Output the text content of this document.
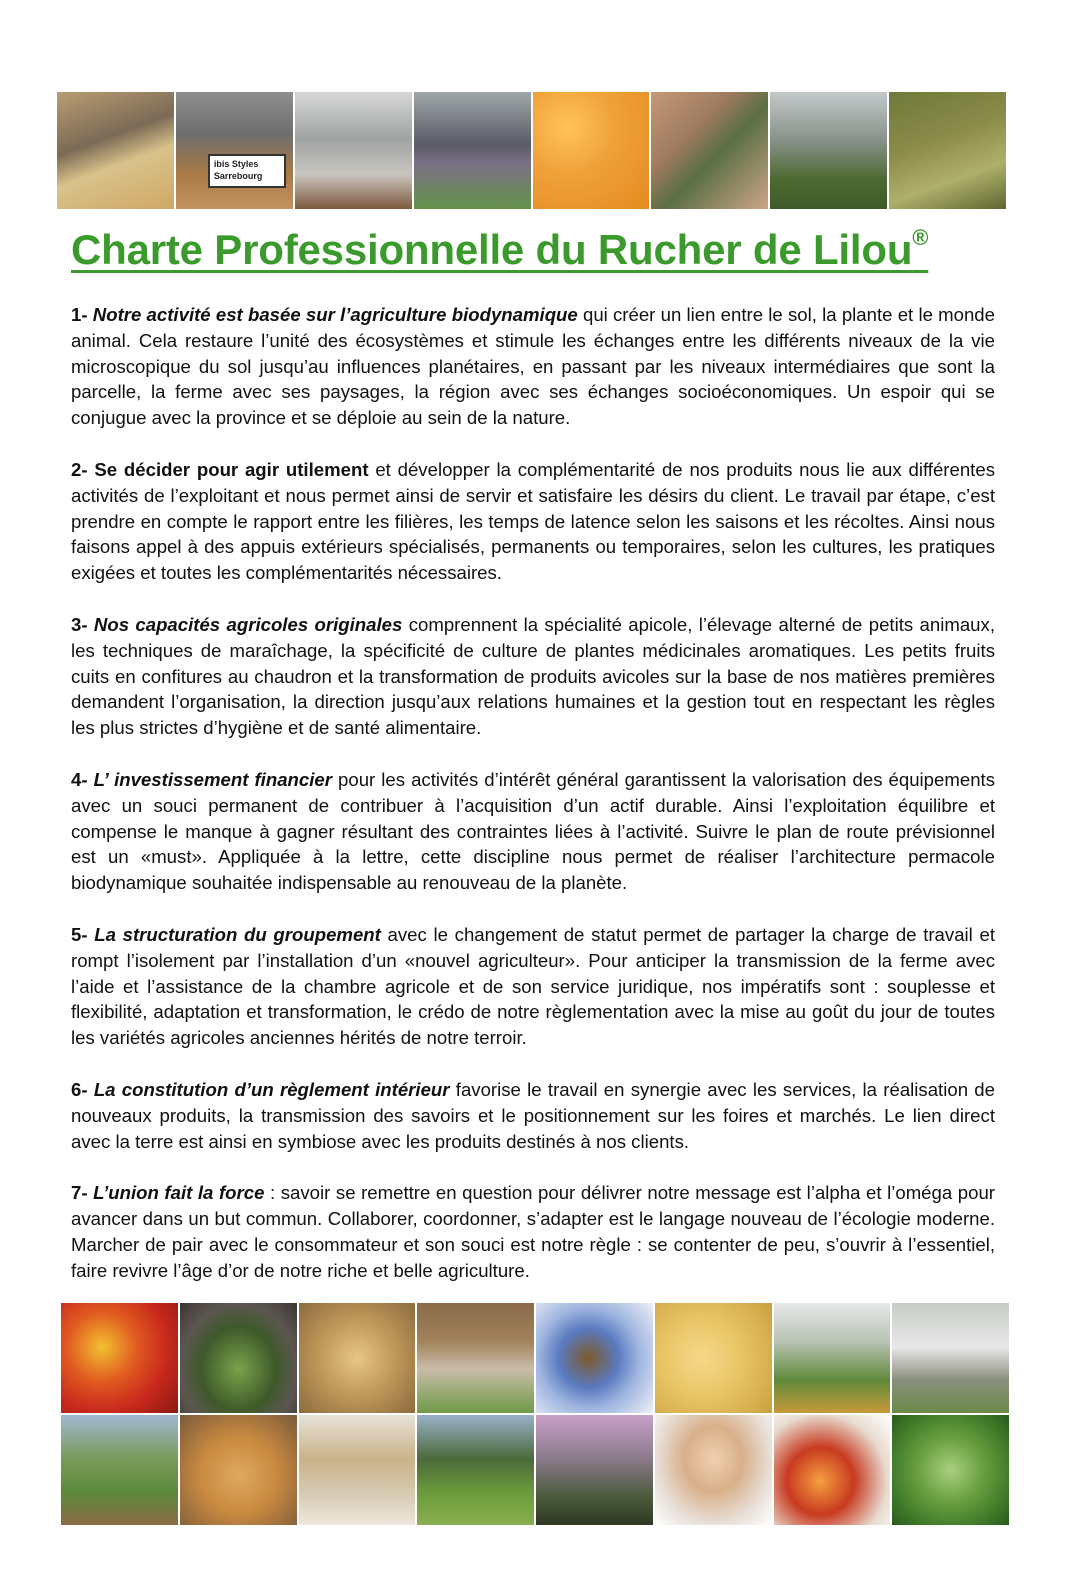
ibis Styles Sarrebourg
Charte Professionnelle du Rucher de Lilou®

1- Notre activité est basée sur l’agriculture biodynamique qui créer un lien entre le sol, la plante et le monde animal. Cela restaure l’unité des écosystèmes et stimule les échanges entre les différents niveaux de la vie microscopique du sol jusqu’au influences planétaires, en passant par les niveaux intermédiaires que sont la parcelle, la ferme avec ses paysages, la région avec ses échanges socioéconomiques. Un espoir qui se conjugue avec la province et se déploie au sein de la nature.

2- Se décider pour agir utilement et développer la complémentarité de nos produits nous lie aux différentes activités de l’exploitant et nous permet ainsi de servir et satisfaire les désirs du client. Le travail par étape, c’est prendre en compte le rapport entre les filières, les temps de latence selon les saisons et les récoltes. Ainsi nous faisons appel à des appuis extérieurs spécialisés, permanents ou temporaires, selon les cultures, les pratiques exigées et toutes les complémentarités nécessaires.

3- Nos capacités agricoles originales comprennent la spécialité apicole, l’élevage alterné de petits animaux, les techniques de maraîchage, la spécificité de culture de plantes médicinales aromatiques. Les petits fruits cuits en confitures au chaudron et la transformation de produits avicoles sur la base de nos matières premières demandent l’organisation, la direction jusqu’aux relations humaines et la gestion tout en respectant les règles les plus strictes d’hygiène et de santé alimentaire.

4- L’ investissement financier pour les activités d’intérêt général garantissent la valorisation des équipements avec un souci permanent de contribuer à l’acquisition d’un actif durable. Ainsi l’exploitation équilibre et compense le manque à gagner résultant des contraintes liées à l’activité. Suivre le plan de route prévisionnel est un «must». Appliquée à la lettre, cette discipline nous permet de réaliser l’architecture permacole biodynamique souhaitée indispensable au renouveau de la planète.

5- La structuration du groupement avec le changement de statut permet de partager la charge de travail et rompt l’isolement par l’installation d’un «nouvel agriculteur». Pour anticiper la transmission de la ferme avec l’aide et l’assistance de la chambre agricole et de son service juridique, nos impératifs sont : souplesse et flexibilité, adaptation et transformation, le crédo de notre règlementation avec la mise au goût du jour de toutes les variétés agricoles anciennes hérités de notre terroir.

6- La constitution d’un règlement intérieur favorise le travail en synergie avec les services, la réalisation de nouveaux produits, la transmission des savoirs et le positionnement sur les foires et marchés. Le lien direct avec la terre est ainsi en symbiose avec les produits destinés à nos clients.

7- L’union fait la force : savoir se remettre en question pour délivrer notre message est l’alpha et l’oméga pour avancer dans un but commun. Collaborer, coordonner, s’adapter est le langage nouveau de l’écologie moderne. Marcher de pair avec le consommateur et son souci est notre règle : se contenter de peu, s’ouvrir à l’essentiel, faire revivre l’âge d’or de notre riche et belle agriculture.
